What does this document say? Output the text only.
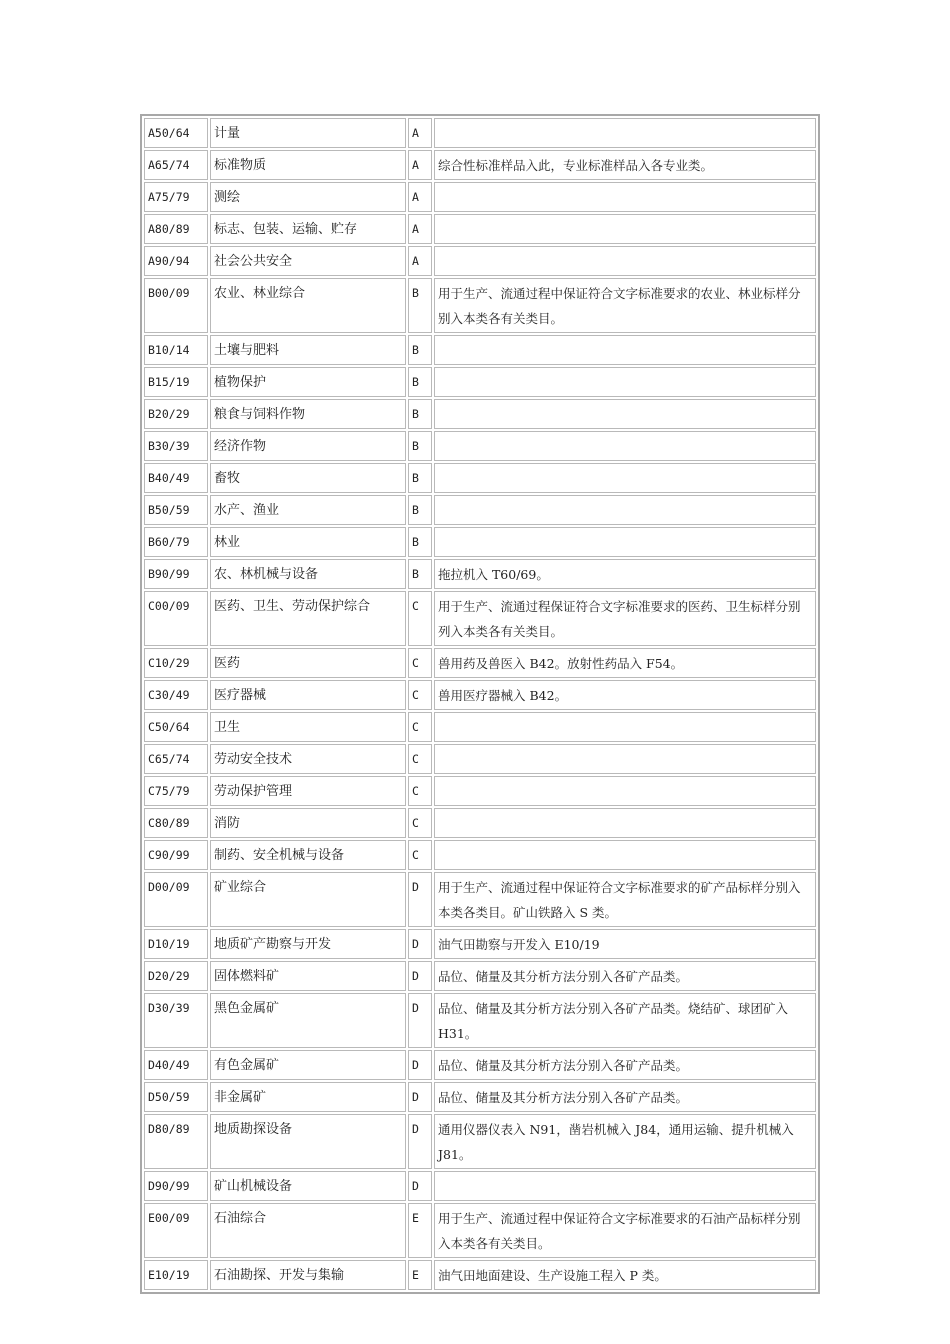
A50/64	计量	A	
A65/74	标准物质	A	综合性标准样品入此，专业标准样品入各专业类。
A75/79	测绘	A	
A80/89	标志、包装、运输、贮存	A	
A90/94	社会公共安全	A	
B00/09	农业、林业综合	B	用于生产、流通过程中保证符合文字标准要求的农业、林业标样分别入本类各有关类目。
B10/14	土壤与肥料	B	
B15/19	植物保护	B	
B20/29	粮食与饲料作物	B	
B30/39	经济作物	B	
B40/49	畜牧	B	
B50/59	水产、渔业	B	
B60/79	林业	B	
B90/99	农、林机械与设备	B	拖拉机入 T60/69。
C00/09	医药、卫生、劳动保护综合	C	用于生产、流通过程保证符合文字标准要求的医药、卫生标样分别列入本类各有关类目。
C10/29	医药	C	兽用药及兽医入 B42。放射性药品入 F54。
C30/49	医疗器械	C	兽用医疗器械入 B42。
C50/64	卫生	C	
C65/74	劳动安全技术	C	
C75/79	劳动保护管理	C	
C80/89	消防	C	
C90/99	制药、安全机械与设备	C	
D00/09	矿业综合	D	用于生产、流通过程中保证符合文字标准要求的矿产品标样分别入本类各类目。矿山铁路入 S 类。
D10/19	地质矿产勘察与开发	D	油气田勘察与开发入 E10/19
D20/29	固体燃料矿	D	品位、储量及其分析方法分别入各矿产品类。
D30/39	黑色金属矿	D	品位、储量及其分析方法分别入各矿产品类。烧结矿、球团矿入 H31。
D40/49	有色金属矿	D	品位、储量及其分析方法分别入各矿产品类。
D50/59	非金属矿	D	品位、储量及其分析方法分别入各矿产品类。
D80/89	地质勘探设备	D	通用仪器仪表入 N91，凿岩机械入 J84，通用运输、提升机械入 J81。
D90/99	矿山机械设备	D	
E00/09	石油综合	E	用于生产、流通过程中保证符合文字标准要求的石油产品标样分别入本类各有关类目。
E10/19	石油勘探、开发与集输	E	油气田地面建设、生产设施工程入 P 类。
